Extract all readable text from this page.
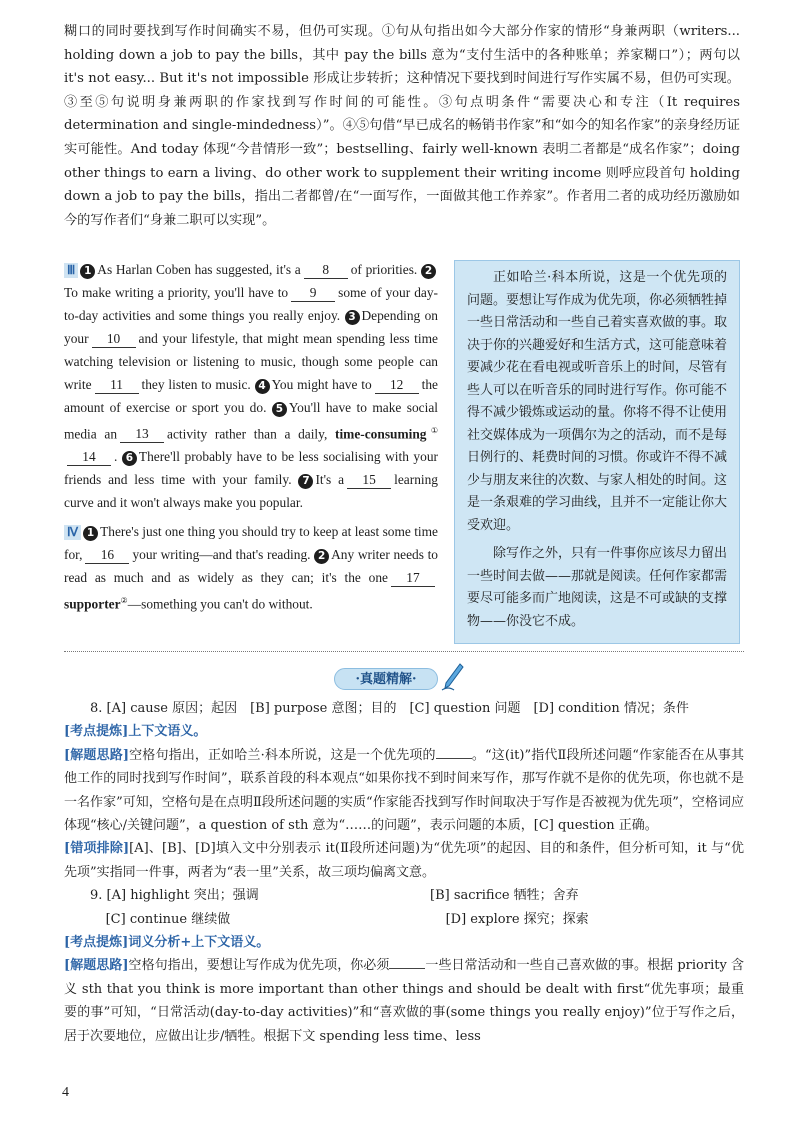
糊口的同时要找到写作时间确实不易，但仍可实现。①句从句指出如今大部分作家的情形“身兼两职（writers... holding down a job to pay the bills，其中 pay the bills 意为“支付生活中的各种账单；养家糊口”）；两句以 it's not easy... But it's not impossible 形成让步转折；这种情况下要找到时间进行写作实属不易，但仍可实现。③至⑤句说明身兼两职的作家找到写作时间的可能性。③句点明条件“需要决心和专注（It requires determination and single-mindedness）”。④⑤句借“早已成名的畅销书作家”和“如今的知名作家”的亲身经历证实可能性。And today 体现“今昔情形一致”；bestselling、fairly well-known 表明二者都是“成名作家”；doing other things to earn a living、do other work to supplement their writing income 则呼应段首句 holding down a job to pay the bills，指出二者都曾/在“一面写作，一面做其他工作养家”。作者用二者的成功经历激励如今的写作者们“身兼二职可以实现”。

Ⅲ 1 As Harlan Coben has suggested, it's a 8 of priorities. 2To make writing a priority, you'll have to 9 some of your day-to-day activities and some things you really enjoy. 3 Depending on your 10 and your lifestyle, that might mean spending less time watching television or listening to music, though some people can write 11 they listen to music. 4 You might have to 12 the amount of exercise or sport you do. 5 You'll have to make social media an 13 activity rather than a daily, time-consuming①14 . 6 There'll probably have to be less socialising with your friends and less time with your family. 7 It's a 15 learning curve and it won't always make you popular.

Ⅳ 1 There's just one thing you should try to keep at least some time for, 16 your writing—and that's reading. 2 Any writer needs to read as much and as widely as they can; it's the one 17supporter②—something you can't do without.

正如哈兰·科本所说，这是一个优先项的问题。要想让写作成为优先项，你必须牺牲掉一些日常活动和一些自己着实喜欢做的事。取决于你的兴趣爱好和生活方式，这可能意味着要减少花在看电视或听音乐上的时间，尽管有些人可以在听音乐的同时进行写作。你可能不得不减少锻炼或运动的量。你将不得不让使用社交媒体成为一项偶尔为之的活动，而不是每日例行的、耗费时间的习惯。你或许不得不减少与朋友来往的次数、与家人相处的时间。这是一条艰难的学习曲线，且并不一定能让你大受欢迎。

除写作之外，只有一件事你应该尽力留出一些时间去做——那就是阅读。任何作家都需要尽可能多而广地阅读，这是不可或缺的支撑物——你没它不成。

·真题精解·

8. [A] cause 原因；起因　[B] purpose 意图；目的　[C] question 问题　[D] condition 情况；条件

[考点提炼]上下文语义。

[解题思路]空格句指出，正如哈兰·科本所说，这是一个优先项的	。“这(it)”指代Ⅱ段所述问题“作家能否在从事其他工作的同时找到写作时间”，联系首段的科本观点“如果你找不到时间来写作，那写作就不是你的优先项，你也就不是一名作家”可知，空格句是在点明Ⅱ段所述问题的实质“作家能否找到写作时间取决于写作是否被视为优先项”，空格词应体现“核心/关键问题”，a question of sth 意为“……的问题”，表示问题的本质，[C] question 正确。

[错项排除][A]、[B]、[D]填入文中分别表示 it(Ⅱ段所述问题)为“优先项”的起因、目的和条件，但分析可知，it 与“优先项”实指同一件事，两者为“表一里”关系，故三项均偏离文意。

9. [A] highlight 突出；强调	[B] sacrifice 牺牲；舍弃
[C] continue 继续做	[D] explore 探究；探索

[考点提炼]词义分析+上下文语义。

[解题思路]空格句指出，要想让写作成为优先项，你必须	一些日常活动和一些自己喜欢做的事。根据 priority 含义 sth that you think is more important than other things and should be dealt with first“优先事项；最重要的事”可知，“日常活动(day-to-day activities)”和“喜欢做的事(some things you really enjoy)”位于写作之后，居于次要地位，应做出让步/牺牲。根据下文 spending less time、less

4
